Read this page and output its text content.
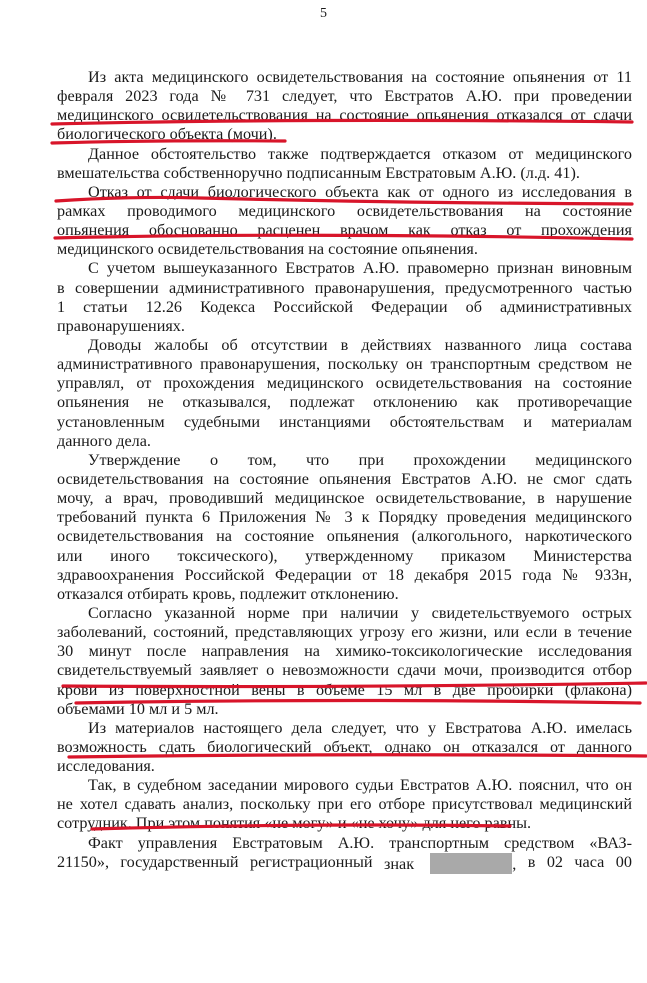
5
Из акта медицинского освидетельствования на состояние опьянения от 11
февраля 2023 года № 731 следует, что Евстратов А.Ю. при проведении
медицинского освидетельствования на состояние опьянения отказался от сдачи
биологического объекта (мочи).
Данное обстоятельство также подтверждается отказом от медицинского
вмешательства собственноручно подписанным Евстратовым А.Ю. (л.д. 41).
Отказ от сдачи биологического объекта как от одного из исследования в
рамках проводимого медицинского освидетельствования на состояние
опьянения обоснованно расценен врачом как отказ от прохождения
медицинского освидетельствования на состояние опьянения.
С учетом вышеуказанного Евстратов А.Ю. правомерно признан виновным
в совершении административного правонарушения, предусмотренного частью
1 статьи 12.26 Кодекса Российской Федерации об административных
правонарушениях.
Доводы жалобы об отсутствии в действиях названного лица состава
административного правонарушения, поскольку он транспортным средством не
управлял, от прохождения медицинского освидетельствования на состояние
опьянения не отказывался, подлежат отклонению как противоречащие
установленным судебными инстанциями обстоятельствам и материалам
данного дела.
Утверждение о том, что при прохождении медицинского
освидетельствования на состояние опьянения Евстратов А.Ю. не смог сдать
мочу, а врач, проводивший медицинское освидетельствование, в нарушение
требований пункта 6 Приложения № 3 к Порядку проведения медицинского
освидетельствования на состояние опьянения (алкогольного, наркотического
или иного токсического), утвержденному приказом Министерства
здравоохранения Российской Федерации от 18 декабря 2015 года № 933н,
отказался отбирать кровь, подлежит отклонению.
Согласно указанной норме при наличии у свидетельствуемого острых
заболеваний, состояний, представляющих угрозу его жизни, или если в течение
30 минут после направления на химико-токсикологические исследования
свидетельствуемый заявляет о невозможности сдачи мочи, производится отбор
крови из поверхностной вены в объеме 15 мл в две пробирки (флакона)
объемами 10 мл и 5 мл.
Из материалов настоящего дела следует, что у Евстратова А.Ю. имелась
возможность сдать биологический объект, однако он отказался от данного
исследования.
Так, в судебном заседании мирового судьи Евстратов А.Ю. пояснил, что он
не хотел сдавать анализ, поскольку при его отборе присутствовал медицинский
сотрудник. При этом понятия «не могу» и «не хочу» для него равны.
Факт управления Евстратовым А.Ю. транспортным средством «ВАЗ-
21150», государственный регистрационный знак	, в 02 часа 00
